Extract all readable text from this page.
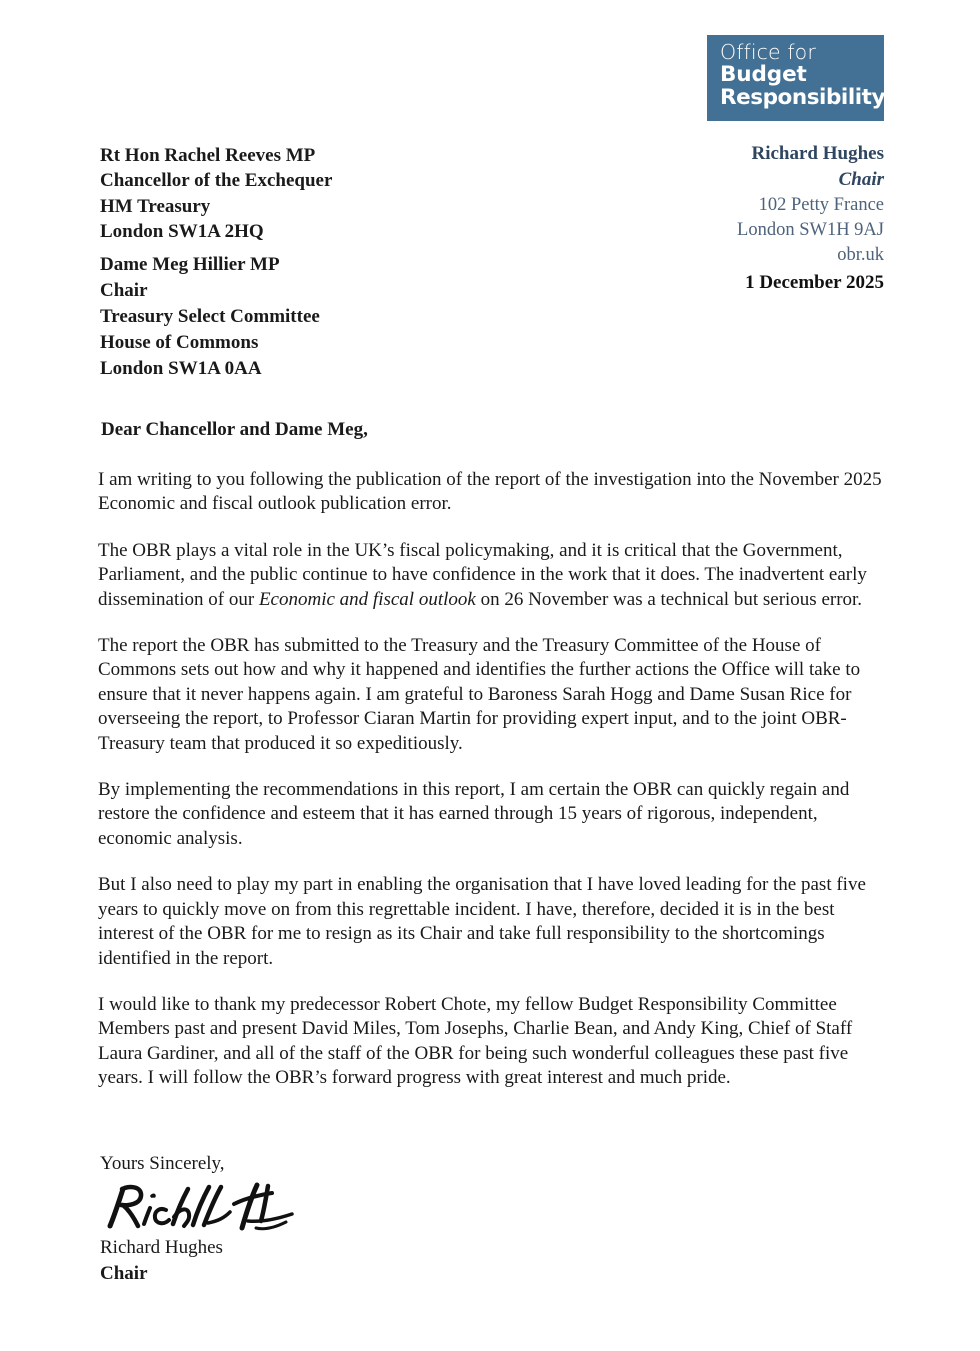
Office for
Budget
Responsibility
Richard Hughes
Chair
102 Petty France
London SW1H 9AJ
obr.uk
1 December 2025
Rt Hon Rachel Reeves MP
Chancellor of the Exchequer
HM Treasury
London SW1A 2HQ
Dame Meg Hillier MP
Chair
Treasury Select Committee
House of Commons
London SW1A 0AA
Dear Chancellor and Dame Meg,

I am writing to you following the publication of the report of the investigation into the November 2025 Economic and fiscal outlook publication error.

The OBR plays a vital role in the UK’s fiscal policymaking, and it is critical that the Government, Parliament, and the public continue to have confidence in the work that it does. The inadvertent early dissemination of our Economic and fiscal outlook on 26 November was a technical but serious error.

The report the OBR has submitted to the Treasury and the Treasury Committee of the House of Commons sets out how and why it happened and identifies the further actions the Office will take to ensure that it never happens again. I am grateful to Baroness Sarah Hogg and Dame Susan Rice for overseeing the report, to Professor Ciaran Martin for providing expert input, and to the joint OBR-Treasury team that produced it so expeditiously.

By implementing the recommendations in this report, I am certain the OBR can quickly regain and restore the confidence and esteem that it has earned through 15 years of rigorous, independent, economic analysis.

But I also need to play my part in enabling the organisation that I have loved leading for the past five years to quickly move on from this regrettable incident. I have, therefore, decided it is in the best interest of the OBR for me to resign as its Chair and take full responsibility to the shortcomings identified in the report.

I would like to thank my predecessor Robert Chote, my fellow Budget Responsibility Committee Members past and present David Miles, Tom Josephs, Charlie Bean, and Andy King, Chief of Staff Laura Gardiner, and all of the staff of the OBR for being such wonderful colleagues these past five years. I will follow the OBR’s forward progress with great interest and much pride.

Yours Sincerely,
Richard Hughes
Chair
